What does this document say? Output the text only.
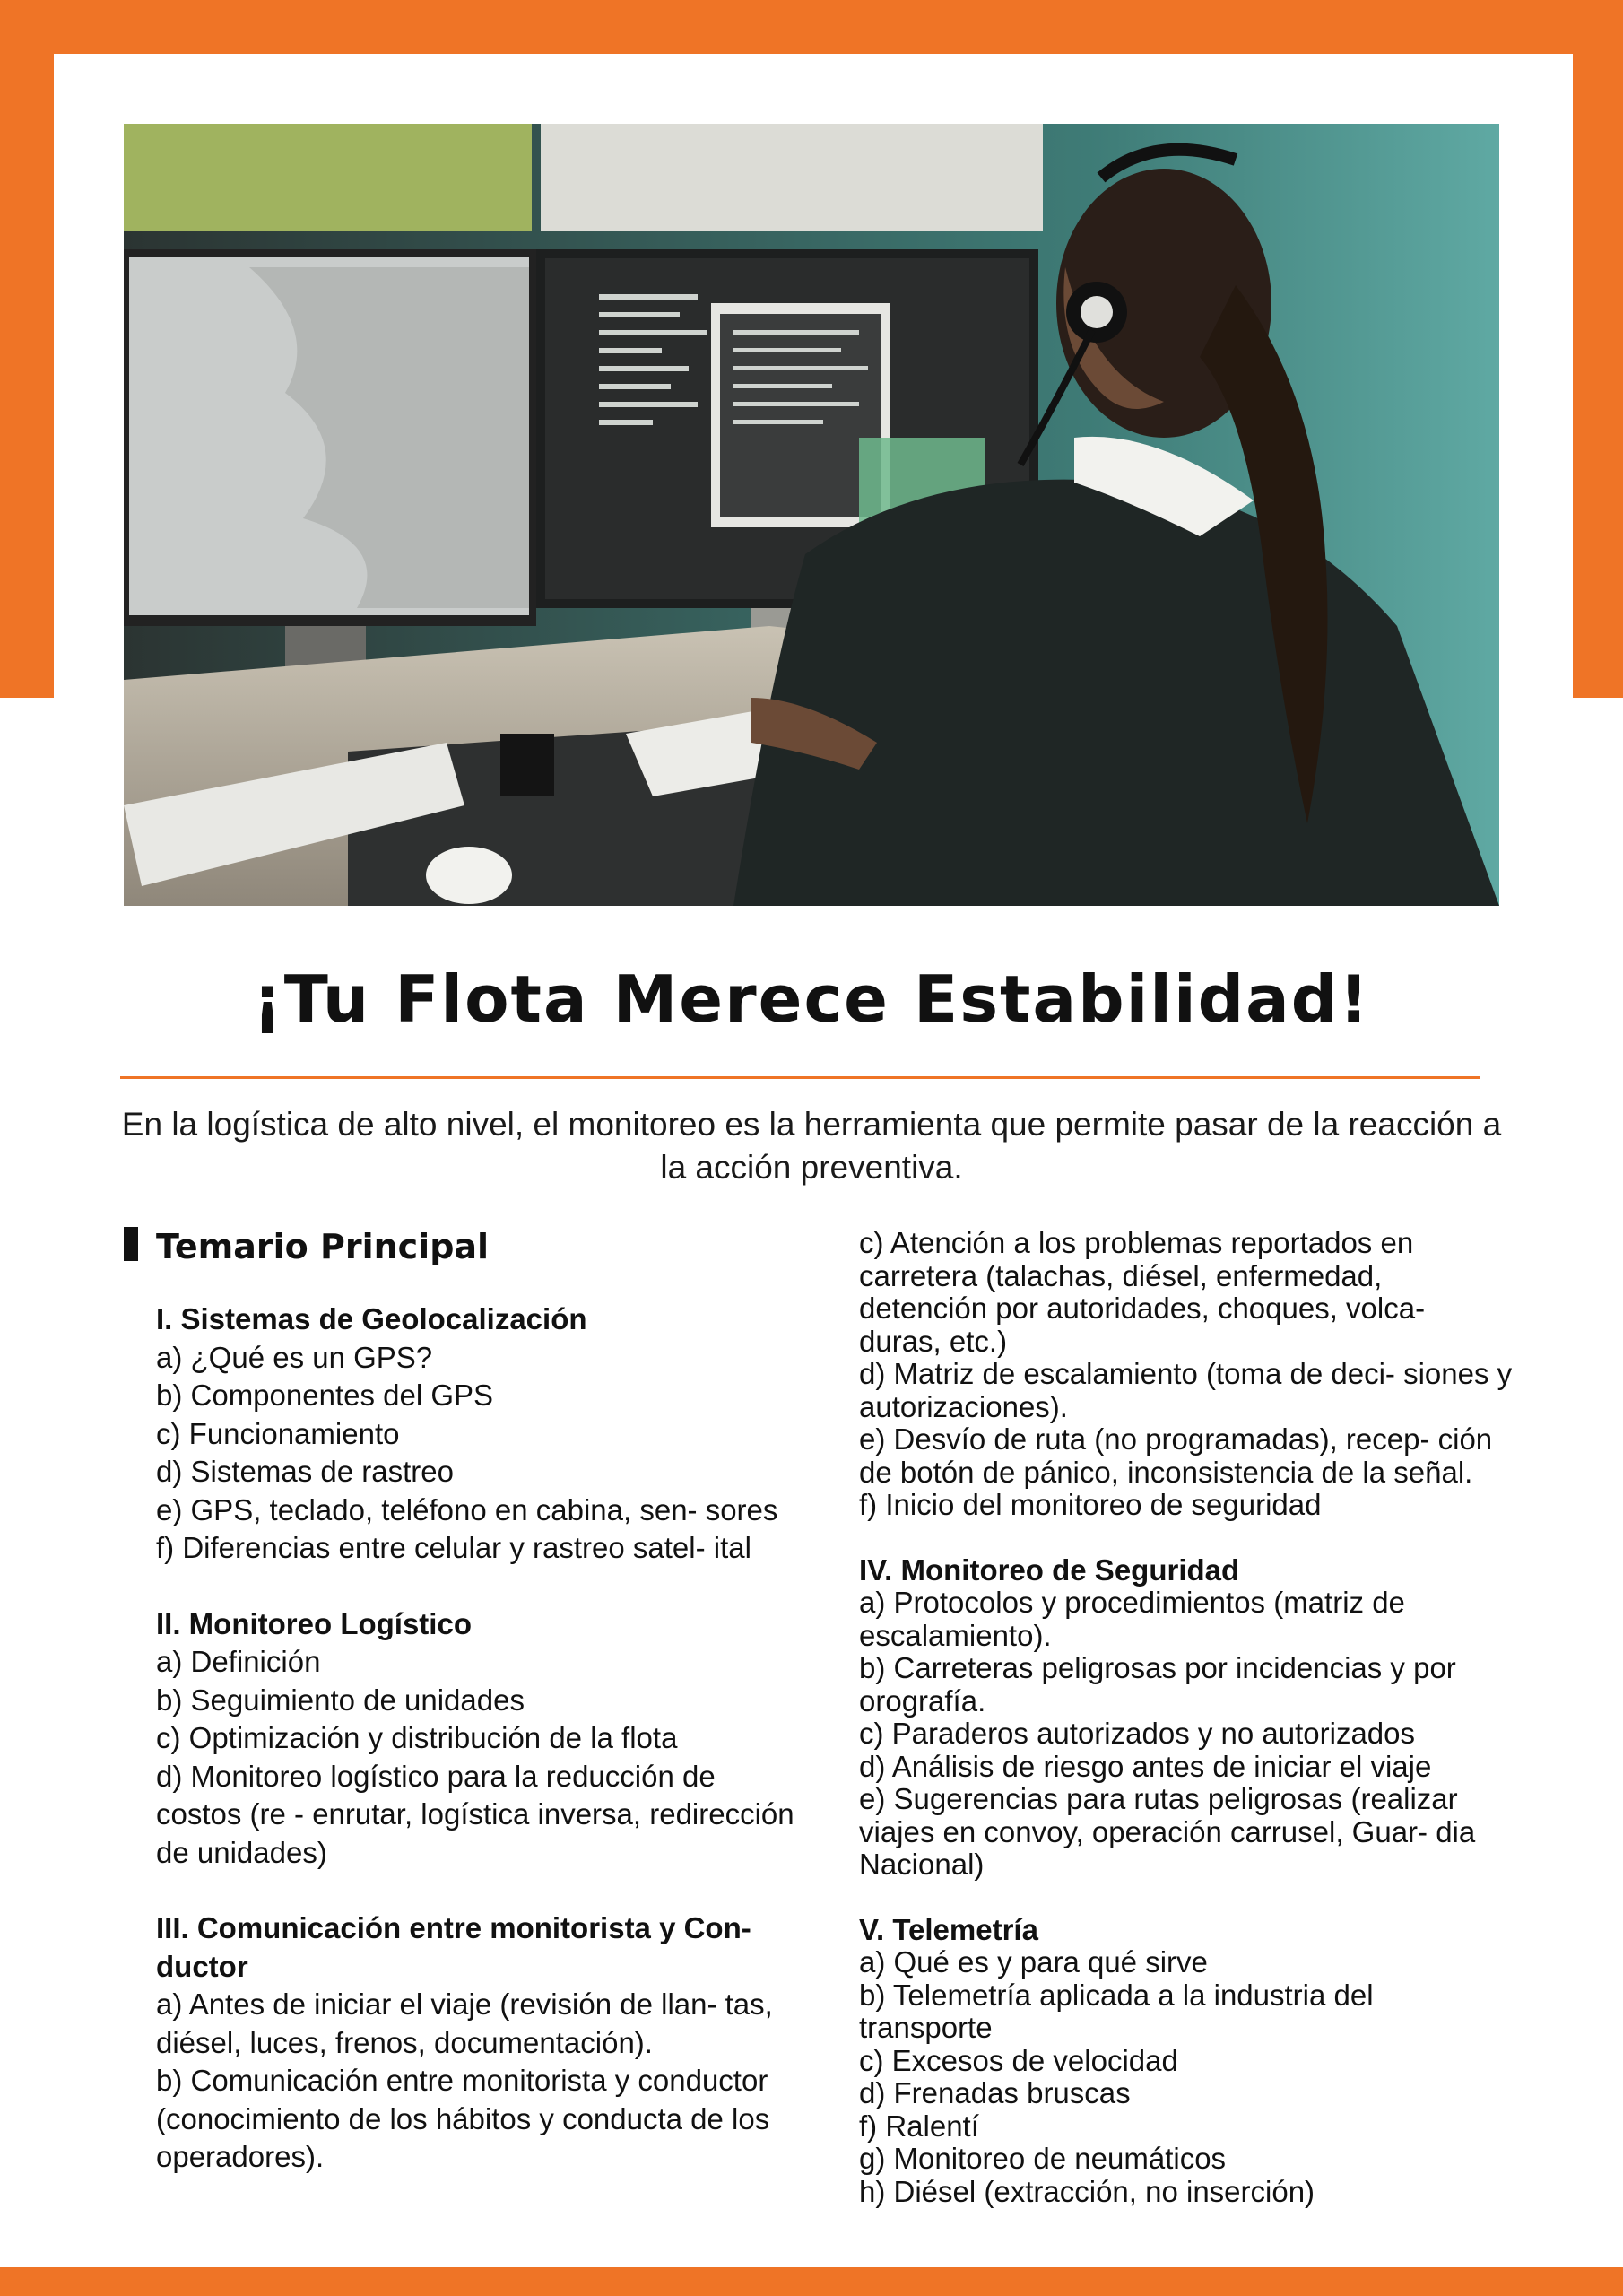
¡Tu Flota Merece Estabilidad!
En la logística de alto nivel, el monitoreo es la herramienta que permite pasar de la reacción a la acción preventiva.
Temario Principal
I. Sistemas de Geolocalización
a) ¿Qué es un GPS?
b) Componentes del GPS
c) Funcionamiento
d) Sistemas de rastreo
e) GPS, teclado, teléfono en cabina, sen- sores
f) Diferencias entre celular y rastreo satel- ital
II. Monitoreo Logístico
a) Definición
b) Seguimiento de unidades
c) Optimización y distribución de la flota
d) Monitoreo logístico para la reducción de costos (re - enrutar, logística inversa, redirección de unidades)
III. Comunicación entre monitorista y Con- ductor
a) Antes de iniciar el viaje (revisión de llan- tas, diésel, luces, frenos, documentación).
b) Comunicación entre monitorista y conductor (conocimiento de los hábitos y conducta de los operadores).
c) Atención a los problemas reportados en carretera (talachas, diésel, enfermedad, detención por autoridades, choques, volca- duras, etc.)
d) Matriz de escalamiento (toma de deci- siones y autorizaciones).
e) Desvío de ruta (no programadas), recep- ción de botón de pánico, inconsistencia de la señal.
f) Inicio del monitoreo de seguridad
IV. Monitoreo de Seguridad
a) Protocolos y procedimientos (matriz de escalamiento).
b) Carreteras peligrosas por incidencias y por orografía.
c) Paraderos autorizados y no autorizados
d) Análisis de riesgo antes de iniciar el viaje
e) Sugerencias para rutas peligrosas (realizar viajes en convoy, operación carrusel, Guar- dia Nacional)
V. Telemetría
a) Qué es y para qué sirve
b) Telemetría aplicada a la industria del transporte
c) Excesos de velocidad
d) Frenadas bruscas
f) Ralentí
g) Monitoreo de neumáticos
h) Diésel (extracción, no inserción)
